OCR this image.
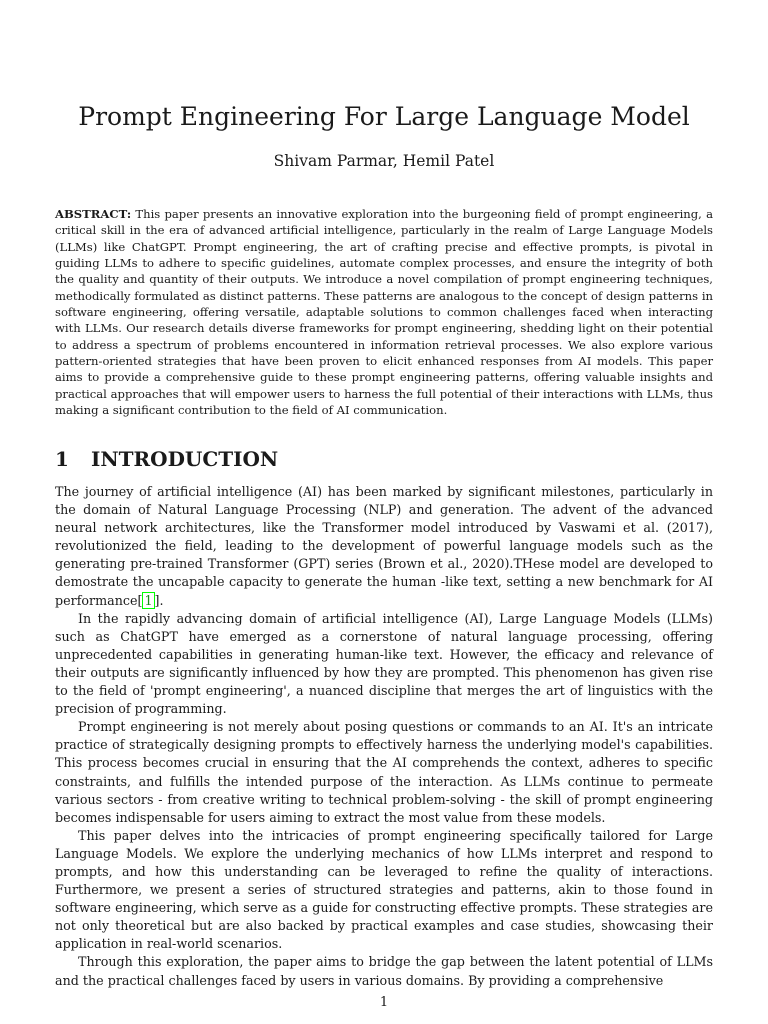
Prompt Engineering For Large Language Model
Shivam Parmar, Hemil Patel

ABSTRACT: This paper presents an innovative exploration into the burgeoning field of prompt engineering, a critical skill in the era of advanced artificial intelligence, particularly in the realm of Large Language Models (LLMs) like ChatGPT. Prompt engineering, the art of crafting precise and effective prompts, is pivotal in guiding LLMs to adhere to specific guidelines, automate complex processes, and ensure the integrity of both the quality and quantity of their outputs. We introduce a novel compilation of prompt engineering techniques, methodically formulated as distinct patterns. These patterns are analogous to the concept of design patterns in software engineering, offering versatile, adaptable solutions to common challenges faced when interacting with LLMs. Our research details diverse frameworks for prompt engineering, shedding light on their potential to address a spectrum of problems encountered in information retrieval processes. We also explore various pattern-oriented strategies that have been proven to elicit enhanced responses from AI models. This paper aims to provide a comprehensive guide to these prompt engineering patterns, offering valuable insights and practical approaches that will empower users to harness the full potential of their interactions with LLMs, thus making a significant contribution to the field of AI communication.

1 INTRODUCTION

The journey of artificial intelligence (AI) has been marked by significant milestones, particularly in the domain of Natural Language Processing (NLP) and generation. The advent of the advanced neural network architectures, like the Transformer model introduced by Vaswami et al. (2017), revolutionized the field, leading to the development of powerful language models such as the generating pre-trained Transformer (GPT) series (Brown et al., 2020).THese model are developed to demostrate the uncapable capacity to generate the human -like text, setting a new benchmark for AI performance[ 1 ].

In the rapidly advancing domain of artificial intelligence (AI), Large Language Models (LLMs) such as ChatGPT have emerged as a cornerstone of natural language processing, offering unprecedented capabilities in generating human-like text. However, the efficacy and relevance of their outputs are significantly influenced by how they are prompted. This phenomenon has given rise to the field of 'prompt engineering', a nuanced discipline that merges the art of linguistics with the precision of programming.

Prompt engineering is not merely about posing questions or commands to an AI. It's an intricate practice of strategically designing prompts to effectively harness the underlying model's capabilities. This process becomes crucial in ensuring that the AI comprehends the context, adheres to specific constraints, and fulfills the intended purpose of the interaction. As LLMs continue to permeate various sectors - from creative writing to technical problem-solving - the skill of prompt engineering becomes indispensable for users aiming to extract the most value from these models.

This paper delves into the intricacies of prompt engineering specifically tailored for Large Language Models. We explore the underlying mechanics of how LLMs interpret and respond to prompts, and how this understanding can be leveraged to refine the quality of interactions. Furthermore, we present a series of structured strategies and patterns, akin to those found in software engineering, which serve as a guide for constructing effective prompts. These strategies are not only theoretical but are also backed by practical examples and case studies, showcasing their application in real-world scenarios.

Through this exploration, the paper aims to bridge the gap between the latent potential of LLMs and the practical challenges faced by users in various domains. By providing a comprehensive

1
